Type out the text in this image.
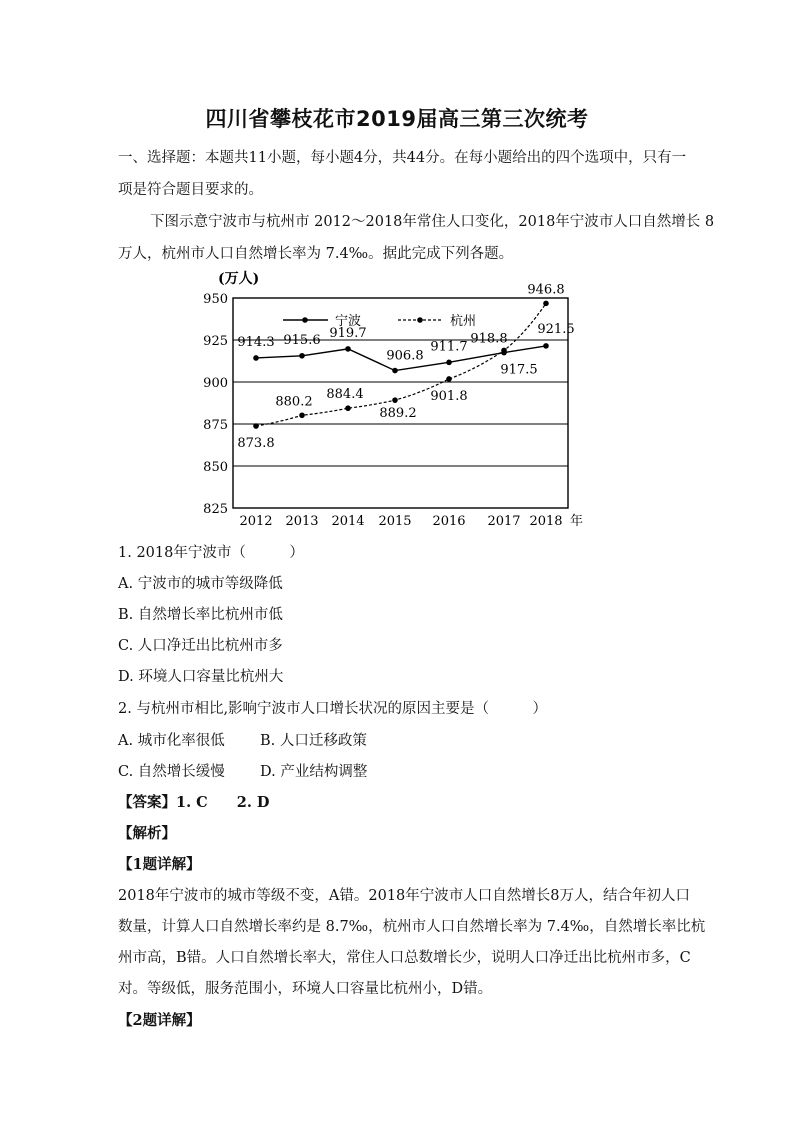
四川省攀枝花市2019届高三第三次统考
一、选择题：本题共11小题，每小题4分，共44分。在每小题给出的四个选项中，只有一
项是符合题目要求的。
下图示意宁波市与杭州市 2012～2018年常住人口变化，2018年宁波市人口自然增长 8
万人，杭州市人口自然增长率为 7.4‰。据此完成下列各题。
825
850
875
900
925
950
(万人)
2012 2013 2014 2015 2016 2017 2018 年
宁波	杭州
914.3 915.6 919.7
906.8
911.7
917.5
921.5
873.8
880.2 884.4
889.2
901.8
918.8
946.8
1. 2018年宁波市（　　　）
A. 宁波市的城市等级降低
B. 自然增长率比杭州市低
C. 人口净迁出比杭州市多
D. 环境人口容量比杭州大
2. 与杭州市相比,影响宁波市人口增长状况的原因主要是（　　　）
A. 城市化率很低 B. 人口迁移政策
C. 自然增长缓慢 D. 产业结构调整
【答案】1. C　　2. D
【解析】
【1题详解】
2018年宁波市的城市等级不变，A错。2018年宁波市人口自然增长8万人，结合年初人口
数量，计算人口自然增长率约是 8.7‰，杭州市人口自然增长率为 7.4‰，自然增长率比杭
州市高，B错。人口自然增长率大，常住人口总数增长少，说明人口净迁出比杭州市多，C
对。等级低，服务范围小，环境人口容量比杭州小，D错。
【2题详解】
